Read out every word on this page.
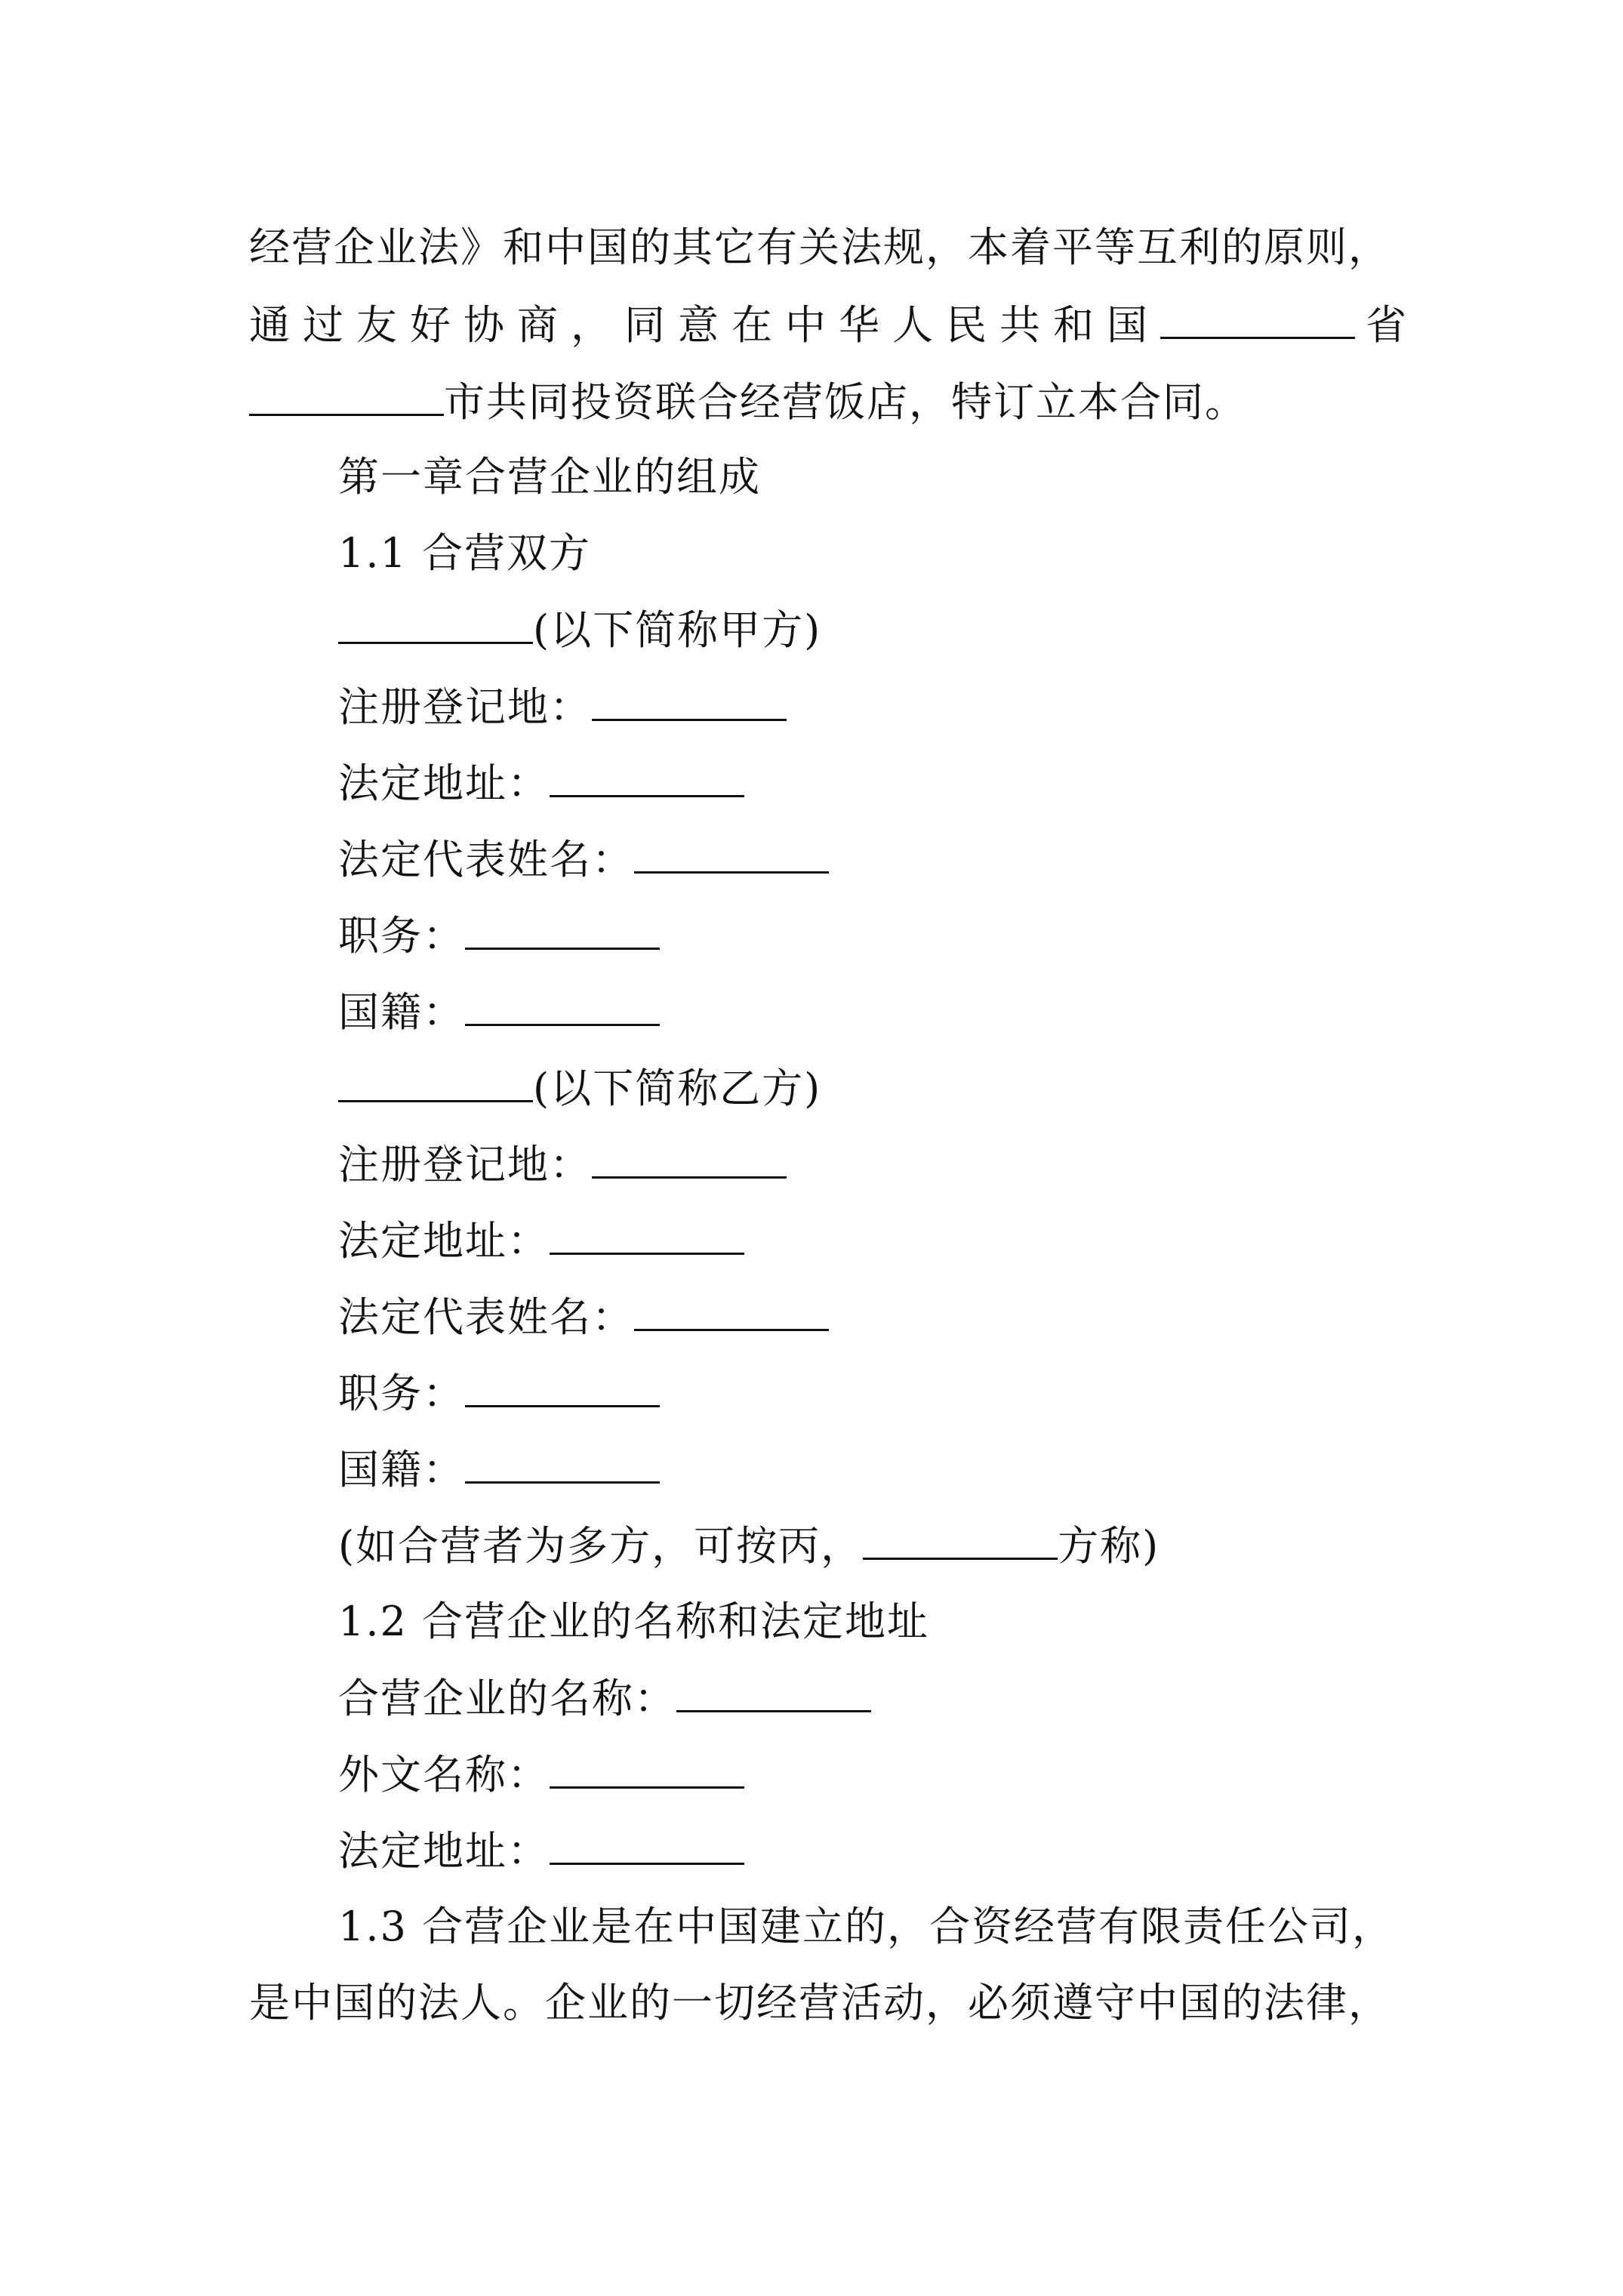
经营企业法》和中国的其它有关法规，本着平等互利的原则，
通过友好协商，同意在中华人民共和国	省
市共同投资联合经营饭店，特订立本合同。
第一章合营企业的组成
1.1 合营双方
(以下简称甲方)
注册登记地：
法定地址：
法定代表姓名：
职务：
国籍：
(以下简称乙方)
注册登记地：
法定地址：
法定代表姓名：
职务：
国籍：
(如合营者为多方，可按丙，	方称)
1.2 合营企业的名称和法定地址
合营企业的名称：
外文名称：
法定地址：
1.3 合营企业是在中国建立的，合资经营有限责任公司，
是中国的法人。企业的一切经营活动，必须遵守中国的法律，
